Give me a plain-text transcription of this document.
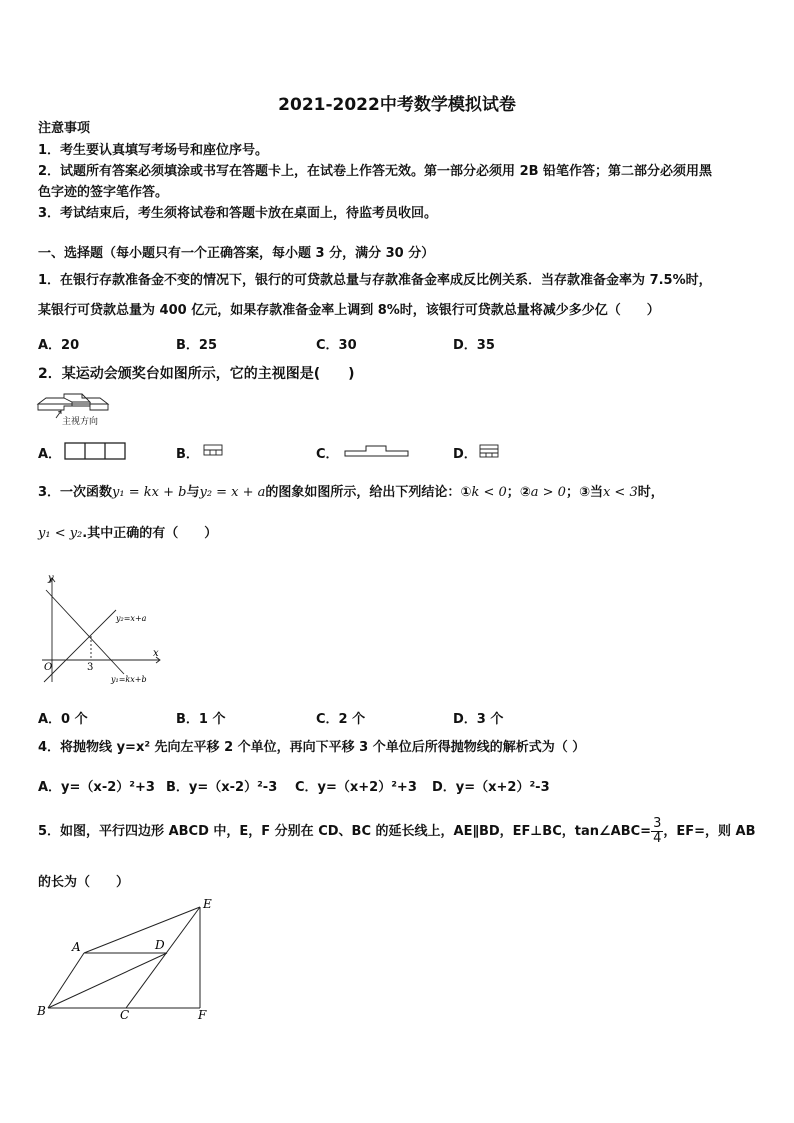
2021-2022中考数学模拟试卷
注意事项
1．考生要认真填写考场号和座位序号。
2．试题所有答案必须填涂或书写在答题卡上，在试卷上作答无效。第一部分必须用 2B 铅笔作答；第二部分必须用黑
色字迹的签字笔作答。
3．考试结束后，考生须将试卷和答题卡放在桌面上，待监考员收回。
一、选择题（每小题只有一个正确答案，每小题 3 分，满分 30 分）
1．在银行存款准备金不变的情况下，银行的可贷款总量与存款准备金率成反比例关系．当存款准备金率为 7.5%时，
某银行可贷款总量为 400 亿元，如果存款准备金率上调到 8%时，该银行可贷款总量将减少多少亿（　　）
A．20	B．25	C．30	D．35
2．某运动会颁奖台如图所示，它的主视图是(　　)
主视方向
A．	B．	C．	D．
3．一次函数y₁ = kx + b与y₂ = x + a的图象如图所示，给出下列结论：①k < 0；②a > 0；③当x < 3时，
y₁ < y₂.其中正确的有（　　）
y
x
O	3
y₂=x+a
y₁=kx+b
A．0 个	B．1 个	C．2 个	D．3 个
4．将抛物线 y=x² 先向左平移 2 个单位，再向下平移 3 个单位后所得抛物线的解析式为（ ）
A．y=（x-2）²+3 B．y=（x-2）²-3 C．y=（x+2）²+3 D．y=（x+2）²-3
5．如图，平行四边形 ABCD 中，E，F 分别在 CD、BC 的延长线上，AE∥BD，EF⊥BC，tan∠ABC= $\frac{3}{4}$ ，EF=，则 AB
的长为（　　）
E
A	D
B	C	F
